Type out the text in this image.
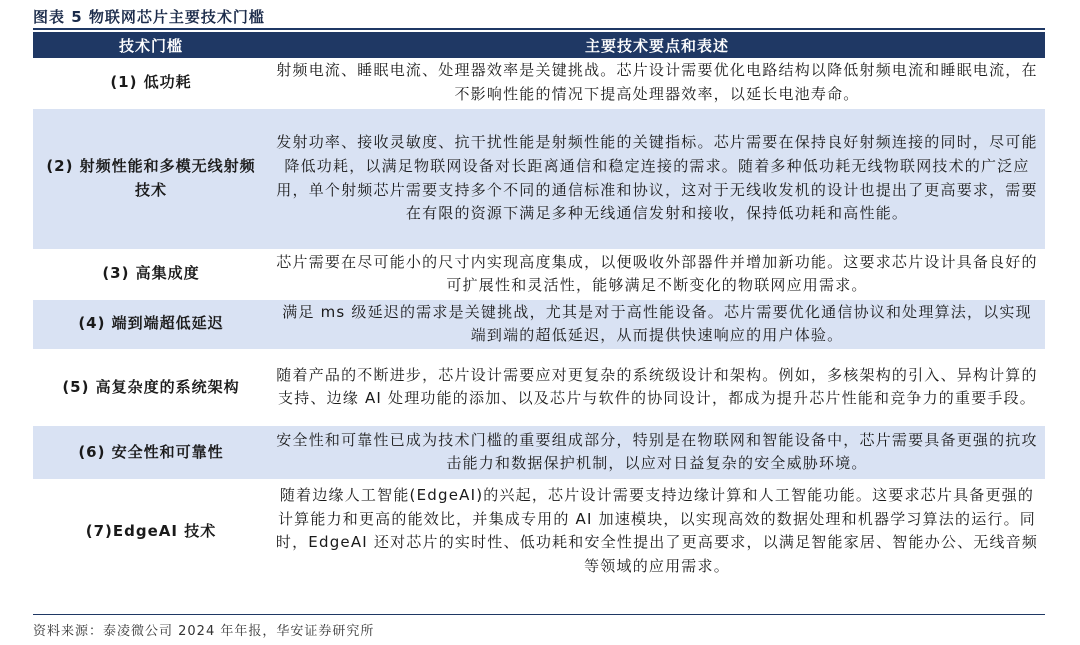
图表 5 物联网芯片主要技术门槛
技术门槛	主要技术要点和表述
(1) 低功耗	射频电流、睡眠电流、处理器效率是关键挑战。芯片设计需要优化电路结构以降低射频电流和睡眠电流，在不影响性能的情况下提高处理器效率，以延长电池寿命。
(2) 射频性能和多模无线射频技术	发射功率、接收灵敏度、抗干扰性能是射频性能的关键指标。芯片需要在保持良好射频连接的同时，尽可能降低功耗，以满足物联网设备对长距离通信和稳定连接的需求。随着多种低功耗无线物联网技术的广泛应用，单个射频芯片需要支持多个不同的通信标准和协议，这对于无线收发机的设计也提出了更高要求，需要在有限的资源下满足多种无线通信发射和接收，保持低功耗和高性能。
(3) 高集成度	芯片需要在尽可能小的尺寸内实现高度集成，以便吸收外部器件并增加新功能。这要求芯片设计具备良好的可扩展性和灵活性，能够满足不断变化的物联网应用需求。
(4) 端到端超低延迟	满足 ms 级延迟的需求是关键挑战，尤其是对于高性能设备。芯片需要优化通信协议和处理算法，以实现端到端的超低延迟，从而提供快速响应的用户体验。
(5) 高复杂度的系统架构	随着产品的不断进步，芯片设计需要应对更复杂的系统级设计和架构。例如，多核架构的引入、异构计算的支持、边缘 AI 处理功能的添加、以及芯片与软件的协同设计，都成为提升芯片性能和竞争力的重要手段。
(6) 安全性和可靠性	安全性和可靠性已成为技术门槛的重要组成部分，特别是在物联网和智能设备中，芯片需要具备更强的抗攻击能力和数据保护机制，以应对日益复杂的安全威胁环境。
(7)EdgeAI 技术	随着边缘人工智能(EdgeAI)的兴起，芯片设计需要支持边缘计算和人工智能功能。这要求芯片具备更强的计算能力和更高的能效比，并集成专用的 AI 加速模块，以实现高效的数据处理和机器学习算法的运行。同时，EdgeAI 还对芯片的实时性、低功耗和安全性提出了更高要求，以满足智能家居、智能办公、无线音频等领域的应用需求。
资料来源：泰凌微公司 2024 年年报，华安证券研究所
